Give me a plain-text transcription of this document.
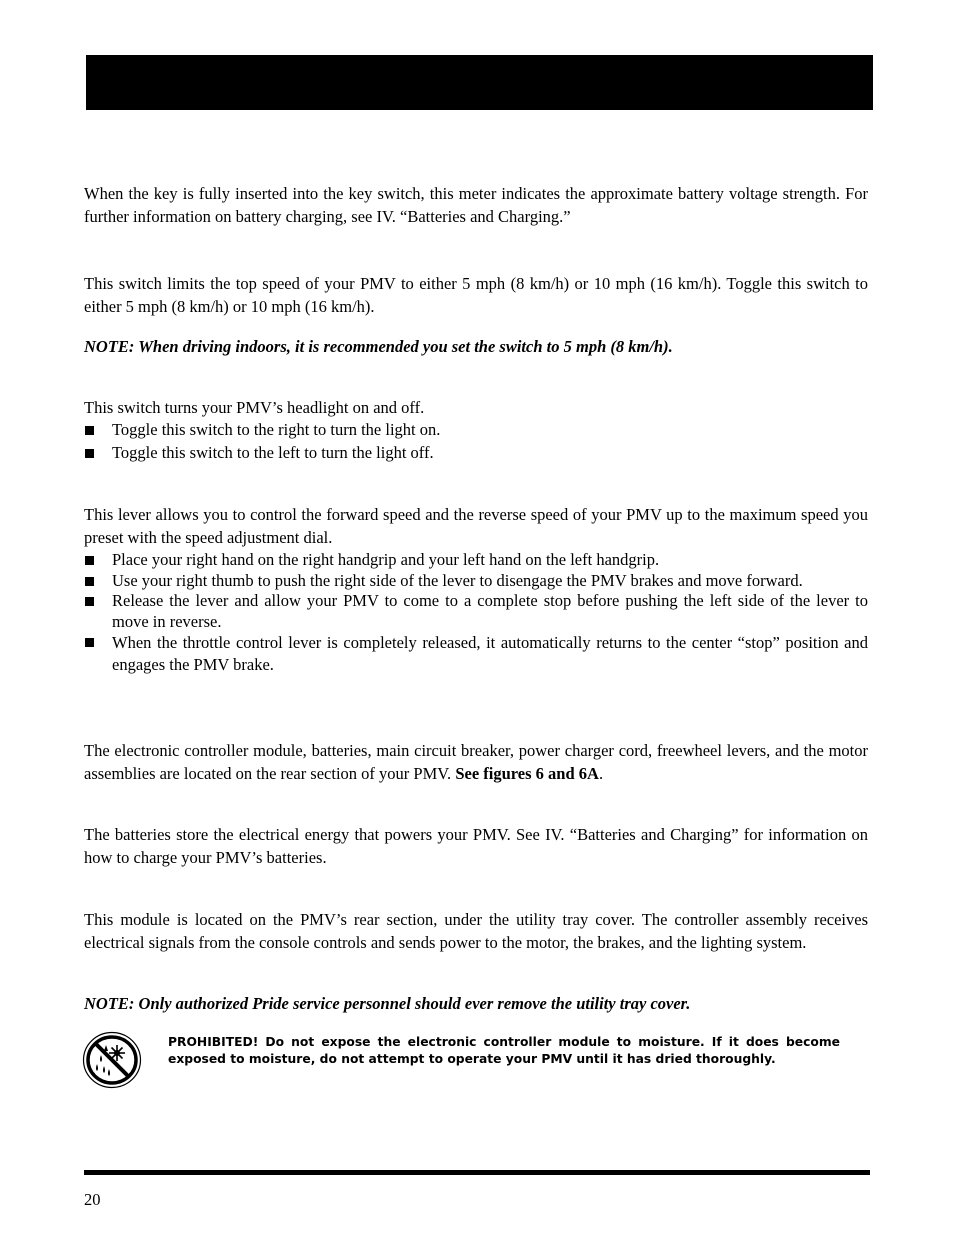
When the key is fully inserted into the key switch, this meter indicates the approximate battery voltage strength. For further information on battery charging, see IV. “Batteries and Charging.”

This switch limits the top speed of your PMV to either 5 mph (8 km/h) or 10 mph (16 km/h). Toggle this switch to either 5 mph (8 km/h) or 10 mph (16 km/h).

NOTE: When driving indoors, it is recommended you set the switch to 5 mph (8 km/h).

This switch turns your PMV’s headlight on and off.

Toggle this switch to the right to turn the light on.
Toggle this switch to the left to turn the light off.

This lever allows you to control the forward speed and the reverse speed of your PMV up to the maximum speed you preset with the speed adjustment dial.

Place your right hand on the right handgrip and your left hand on the left handgrip.
Use your right thumb to push the right side of the lever to disengage the PMV brakes and move forward.
Release the lever and allow your PMV to come to a complete stop before pushing the left side of the lever to move in reverse.
When the throttle control lever is completely released, it automatically returns to the center “stop” position and engages the PMV brake.

The electronic controller module, batteries, main circuit breaker, power charger cord, freewheel levers, and the motor assemblies are located on the rear section of your PMV. See figures 6 and 6A.

The batteries store the electrical energy that powers your PMV. See IV. “Batteries and Charging” for information on how to charge your PMV’s batteries.

This module is located on the PMV’s rear section, under the utility tray cover. The controller assembly receives electrical signals from the console controls and sends power to the motor, the brakes, and the lighting system.

NOTE: Only authorized Pride service personnel should ever remove the utility tray cover.

PROHIBITED! Do not expose the electronic controller module to moisture. If it does become exposed to moisture, do not attempt to operate your PMV until it has dried thoroughly.

20
